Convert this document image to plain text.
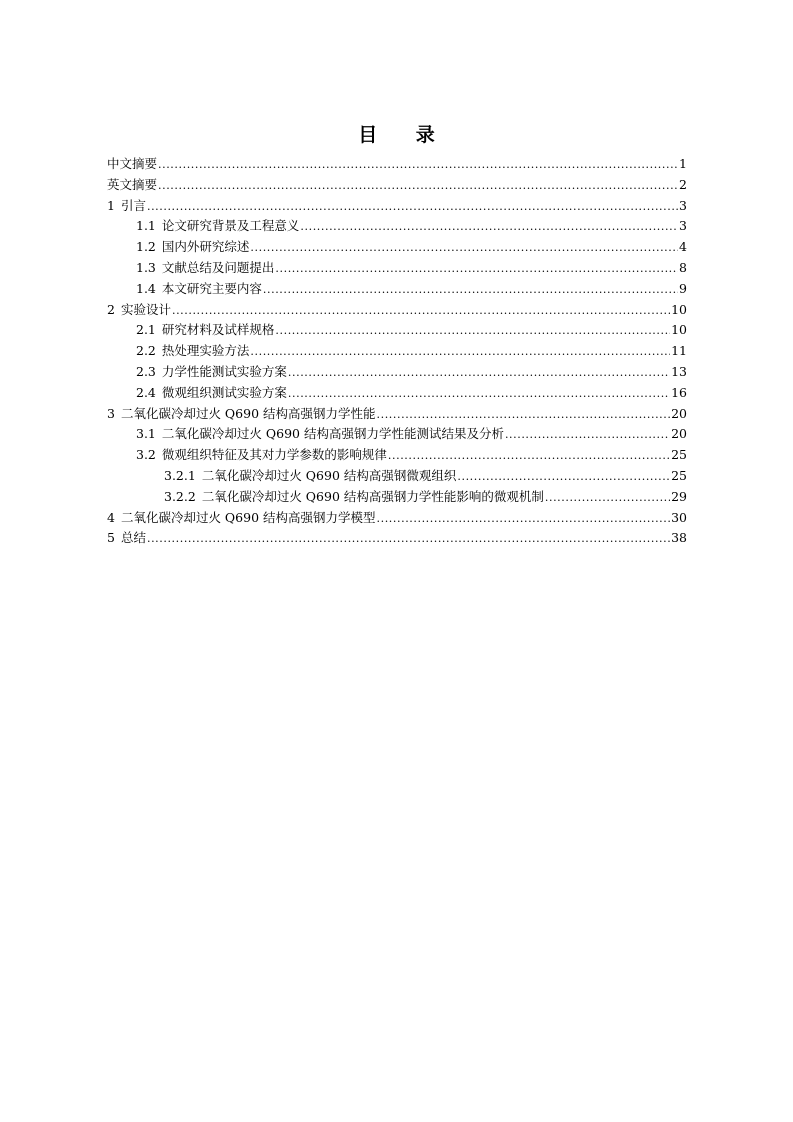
目 录
中文摘要 .....	1
英文摘要 .....	2
1 引言 .....	3
1.1 论文研究背景及工程意义 .....	3
1.2 国内外研究综述 .....	4
1.3 文献总结及问题提出 .....	8
1.4 本文研究主要内容 .....	9
2 实验设计 .....	10
2.1 研究材料及试样规格 .....	10
2.2 热处理实验方法 .....	11
2.3 力学性能测试实验方案 .....	13
2.4 微观组织测试实验方案 .....	16
3 二氧化碳冷却过火 Q690 结构高强钢力学性能 .....	20
3.1 二氧化碳冷却过火 Q690 结构高强钢力学性能测试结果及分析 .....	20
3.2 微观组织特征及其对力学参数的影响规律 .....	25
3.2.1 二氧化碳冷却过火 Q690 结构高强钢微观组织 .....	25
3.2.2 二氧化碳冷却过火 Q690 结构高强钢力学性能影响的微观机制 .....	29
4 二氧化碳冷却过火 Q690 结构高强钢力学模型 .....	30
5 总结 .....	38
